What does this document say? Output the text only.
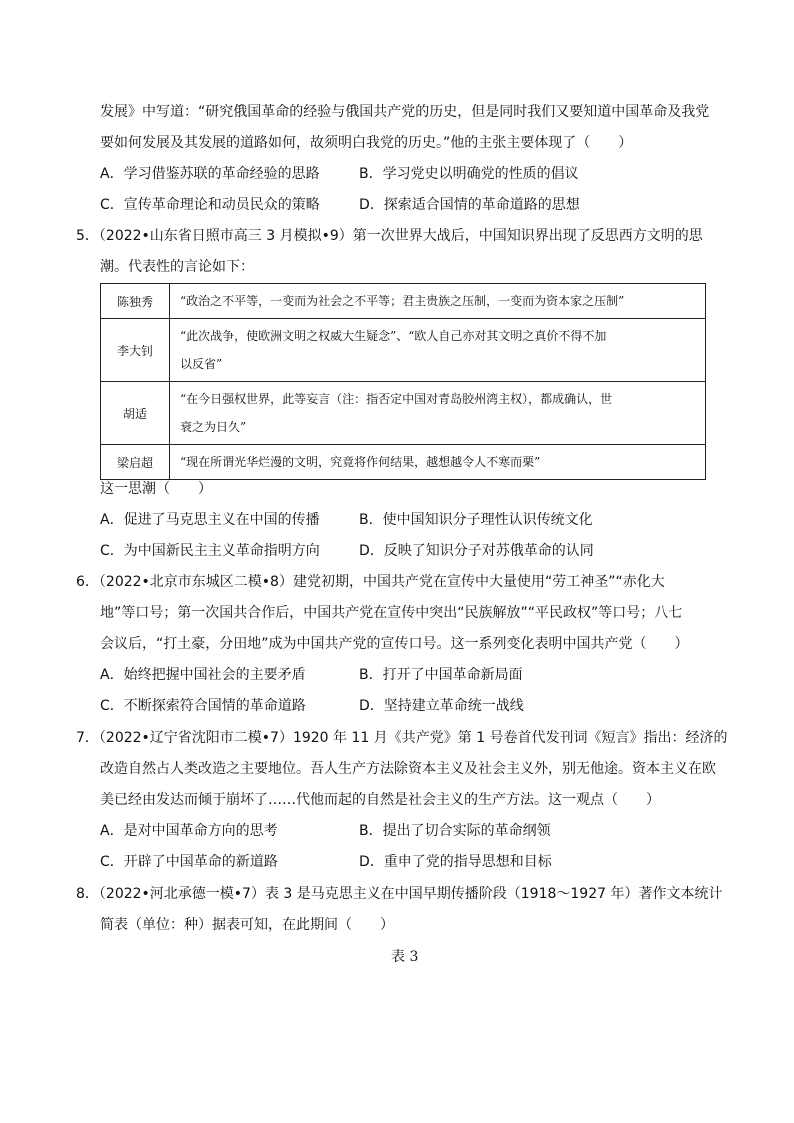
发展》中写道：“研究俄国革命的经验与俄国共产党的历史，但是同时我们又要知道中国革命及我党
要如何发展及其发展的道路如何，故须明白我党的历史。”他的主张主要体现了（　　）
A．学习借鉴苏联的革命经验的思路	B．学习党史以明确党的性质的倡议
C．宣传革命理论和动员民众的策略	D．探索适合国情的革命道路的思想
5．（2022•山东省日照市高三 3 月模拟•9）第一次世界大战后，中国知识界出现了反思西方文明的思
潮。代表性的言论如下：
陈独秀	“政治之不平等，一变而为社会之不平等；君主贵族之压制，一变而为资本家之压制”
李大钊	“此次战争，使欧洲文明之权威大生疑念”、“欧人自己亦对其文明之真价不得不加
以反省”
胡适	“在今日强权世界，此等妄言（注：指否定中国对青岛胶州湾主权），都成确认，世
衰之为日久”
梁启超	“现在所谓光华烂漫的文明，究竟将作何结果，越想越令人不寒而栗”
这一思潮（　　）
A．促进了马克思主义在中国的传播	B．使中国知识分子理性认识传统文化
C．为中国新民主主义革命指明方向	D．反映了知识分子对苏俄革命的认同
6．（2022•北京市东城区二模•8）建党初期，中国共产党在宣传中大量使用“劳工神圣”“赤化大
地”等口号；第一次国共合作后，中国共产党在宣传中突出“民族解放”“平民政权”等口号；八七
会议后，“打土豪，分田地”成为中国共产党的宣传口号。这一系列变化表明中国共产党（　　）
A．始终把握中国社会的主要矛盾	B．打开了中国革命新局面
C．不断探索符合国情的革命道路	D．坚持建立革命统一战线
7．（2022•辽宁省沈阳市二模•7）1920 年 11 月《共产党》第 1 号卷首代发刊词《短言》指出：经济的
改造自然占人类改造之主要地位。吾人生产方法除资本主义及社会主义外，别无他途。资本主义在欧
美已经由发达而倾于崩坏了……代他而起的自然是社会主义的生产方法。这一观点（　　）
A．是对中国革命方向的思考	B．提出了切合实际的革命纲领
C．开辟了中国革命的新道路	D．重申了党的指导思想和目标
8．（2022•河北承德一模•7）表 3 是马克思主义在中国早期传播阶段（1918～1927 年）著作文本统计
简表（单位：种）据表可知，在此期间（　　）
表 3
